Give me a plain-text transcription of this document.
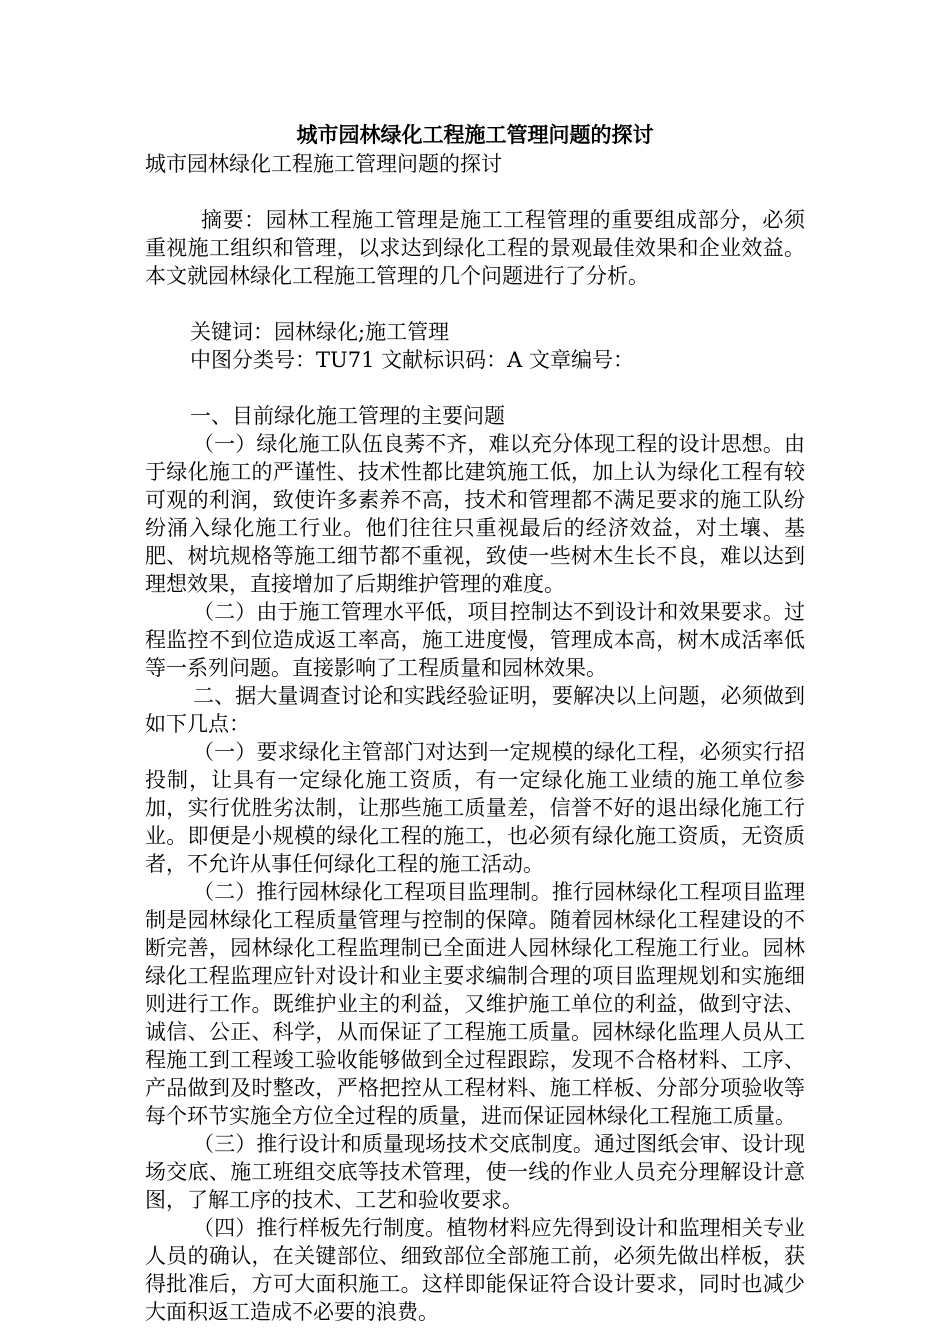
城市园林绿化工程施工管理问题的探讨
城市园林绿化工程施工管理问题的探讨

摘要：园林工程施工管理是施工工程管理的重要组成部分，必须重视施工组织和管理，以求达到绿化工程的景观最佳效果和企业效益。本文就园林绿化工程施工管理的几个问题进行了分析。

关键词：园林绿化;施工管理

中图分类号：TU71 文献标识码：A 文章编号：

一、目前绿化施工管理的主要问题

（一）绿化施工队伍良莠不齐，难以充分体现工程的设计思想。由于绿化施工的严谨性、技术性都比建筑施工低，加上认为绿化工程有较可观的利润，致使许多素养不高，技术和管理都不满足要求的施工队纷纷涌入绿化施工行业。他们往往只重视最后的经济效益，对土壤、基肥、树坑规格等施工细节都不重视，致使一些树木生长不良，难以达到理想效果，直接增加了后期维护管理的难度。

（二）由于施工管理水平低，项目控制达不到设计和效果要求。过程监控不到位造成返工率高，施工进度慢，管理成本高，树木成活率低等一系列问题。直接影响了工程质量和园林效果。

二、据大量调查讨论和实践经验证明，要解决以上问题，必须做到如下几点：

（一）要求绿化主管部门对达到一定规模的绿化工程，必须实行招投制，让具有一定绿化施工资质，有一定绿化施工业绩的施工单位参加，实行优胜劣汰制，让那些施工质量差，信誉不好的退出绿化施工行业。即便是小规模的绿化工程的施工，也必须有绿化施工资质，无资质者，不允许从事任何绿化工程的施工活动。

（二）推行园林绿化工程项目监理制。推行园林绿化工程项目监理制是园林绿化工程质量管理与控制的保障。随着园林绿化工程建设的不断完善，园林绿化工程监理制已全面进人园林绿化工程施工行业。园林绿化工程监理应针对设计和业主要求编制合理的项目监理规划和实施细则进行工作。既维护业主的利益，又维护施工单位的利益，做到守法、诚信、公正、科学，从而保证了工程施工质量。园林绿化监理人员从工程施工到工程竣工验收能够做到全过程跟踪，发现不合格材料、工序、产品做到及时整改，严格把控从工程材料、施工样板、分部分项验收等每个环节实施全方位全过程的质量，进而保证园林绿化工程施工质量。

（三）推行设计和质量现场技术交底制度。通过图纸会审、设计现场交底、施工班组交底等技术管理，使一线的作业人员充分理解设计意图，了解工序的技术、工艺和验收要求。

（四）推行样板先行制度。植物材料应先得到设计和监理相关专业人员的确认，在关键部位、细致部位全部施工前，必须先做出样板，获得批准后，方可大面积施工。这样即能保证符合设计要求，同时也减少大面积返工造成不必要的浪费。
